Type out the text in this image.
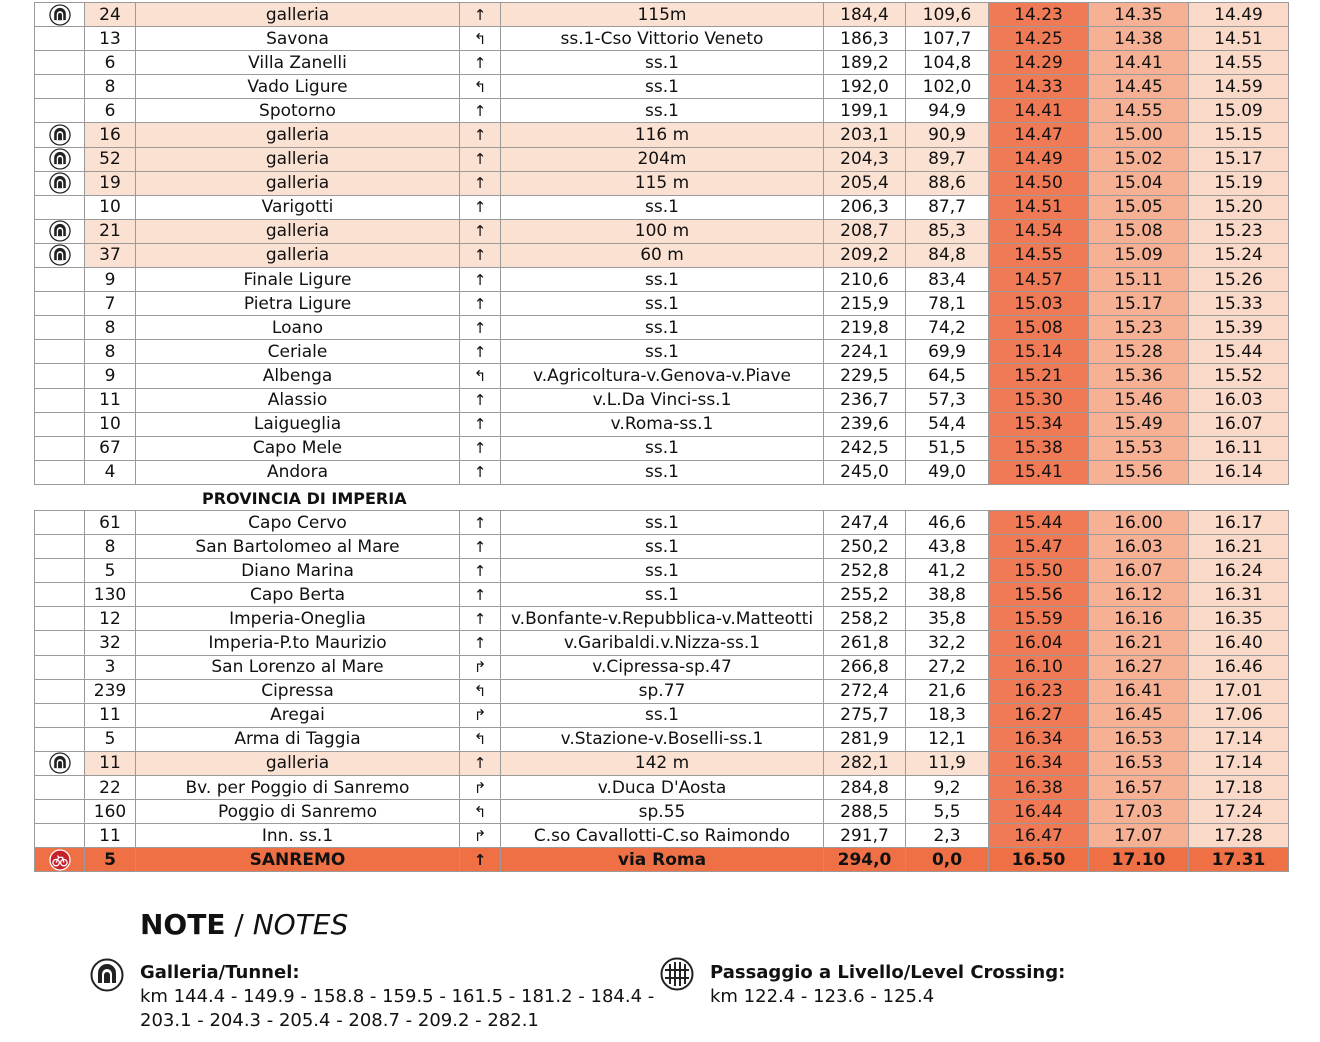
	24	galleria	↑	115m	184,4	109,6	14.23	14.35	14.49
	13	Savona	↰	ss.1-Cso Vittorio Veneto	186,3	107,7	14.25	14.38	14.51
	6	Villa Zanelli	↑	ss.1	189,2	104,8	14.29	14.41	14.55
	8	Vado Ligure	↰	ss.1	192,0	102,0	14.33	14.45	14.59
	6	Spotorno	↑	ss.1	199,1	94,9	14.41	14.55	15.09
	16	galleria	↑	116 m	203,1	90,9	14.47	15.00	15.15
	52	galleria	↑	204m	204,3	89,7	14.49	15.02	15.17
	19	galleria	↑	115 m	205,4	88,6	14.50	15.04	15.19
	10	Varigotti	↑	ss.1	206,3	87,7	14.51	15.05	15.20
	21	galleria	↑	100 m	208,7	85,3	14.54	15.08	15.23
	37	galleria	↑	60 m	209,2	84,8	14.55	15.09	15.24
	9	Finale Ligure	↑	ss.1	210,6	83,4	14.57	15.11	15.26
	7	Pietra Ligure	↑	ss.1	215,9	78,1	15.03	15.17	15.33
	8	Loano	↑	ss.1	219,8	74,2	15.08	15.23	15.39
	8	Ceriale	↑	ss.1	224,1	69,9	15.14	15.28	15.44
	9	Albenga	↰	v.Agricoltura-v.Genova-v.Piave	229,5	64,5	15.21	15.36	15.52
	11	Alassio	↑	v.L.Da Vinci-ss.1	236,7	57,3	15.30	15.46	16.03
	10	Laigueglia	↑	v.Roma-ss.1	239,6	54,4	15.34	15.49	16.07
	67	Capo Mele	↑	ss.1	242,5	51,5	15.38	15.53	16.11
	4	Andora	↑	ss.1	245,0	49,0	15.41	15.56	16.14
PROVINCIA DI IMPERIA
	61	Capo Cervo	↑	ss.1	247,4	46,6	15.44	16.00	16.17
	8	San Bartolomeo al Mare	↑	ss.1	250,2	43,8	15.47	16.03	16.21
	5	Diano Marina	↑	ss.1	252,8	41,2	15.50	16.07	16.24
	130	Capo Berta	↑	ss.1	255,2	38,8	15.56	16.12	16.31
	12	Imperia-Oneglia	↑	v.Bonfante-v.Repubblica-v.Matteotti	258,2	35,8	15.59	16.16	16.35
	32	Imperia-P.to Maurizio	↑	v.Garibaldi.v.Nizza-ss.1	261,8	32,2	16.04	16.21	16.40
	3	San Lorenzo al Mare	↱	v.Cipressa-sp.47	266,8	27,2	16.10	16.27	16.46
	239	Cipressa	↰	sp.77	272,4	21,6	16.23	16.41	17.01
	11	Aregai	↱	ss.1	275,7	18,3	16.27	16.45	17.06
	5	Arma di Taggia	↰	v.Stazione-v.Boselli-ss.1	281,9	12,1	16.34	16.53	17.14
	11	galleria	↑	142 m	282,1	11,9	16.34	16.53	17.14
	22	Bv. per Poggio di Sanremo	↱	v.Duca D'Aosta	284,8	9,2	16.38	16.57	17.18
	160	Poggio di Sanremo	↰	sp.55	288,5	5,5	16.44	17.03	17.24
	11	Inn. ss.1	↱	C.so Cavallotti-C.so Raimondo	291,7	2,3	16.47	17.07	17.28
	5	SANREMO	↑	via Roma	294,0	0,0	16.50	17.10	17.31
NOTE / NOTES
Galleria/Tunnel:
km 144.4 - 149.9 - 158.8 - 159.5 - 161.5 - 181.2 - 184.4 -
203.1 - 204.3 - 205.4 - 208.7 - 209.2 - 282.1
Passaggio a Livello/Level Crossing:
km 122.4 - 123.6 - 125.4
